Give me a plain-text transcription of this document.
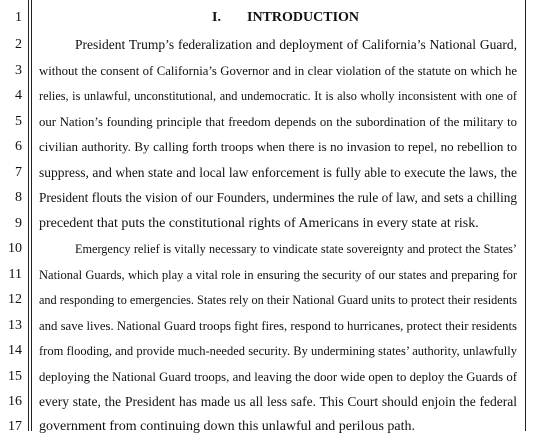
1
2
3
4
5
6
7
8
9
10
11
12
13
14
15
16
17
I. INTRODUCTION
President Trump’s federalization and deployment of California’s National Guard,
without the consent of California’s Governor and in clear violation of the statute on which he
relies, is unlawful, unconstitutional, and undemocratic. It is also wholly inconsistent with one of
our Nation’s founding principle that freedom depends on the subordination of the military to
civilian authority. By calling forth troops when there is no invasion to repel, no rebellion to
suppress, and when state and local law enforcement is fully able to execute the laws, the
President flouts the vision of our Founders, undermines the rule of law, and sets a chilling
precedent that puts the constitutional rights of Americans in every state at risk.
Emergency relief is vitally necessary to vindicate state sovereignty and protect the States’
National Guards, which play a vital role in ensuring the security of our states and preparing for
and responding to emergencies. States rely on their National Guard units to protect their residents
and save lives. National Guard troops fight fires, respond to hurricanes, protect their residents
from flooding, and provide much-needed security. By undermining states’ authority, unlawfully
deploying the National Guard troops, and leaving the door wide open to deploy the Guards of
every state, the President has made us all less safe. This Court should enjoin the federal
government from continuing down this unlawful and perilous path.
